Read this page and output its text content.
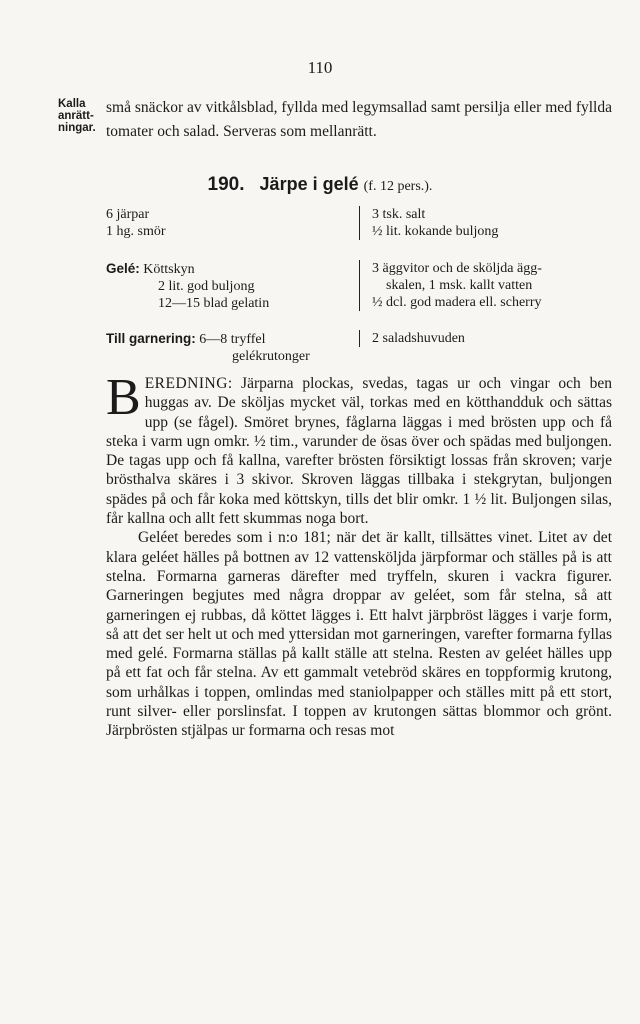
110
Kalla
anrätt-
ningar.
små snäckor av vitkålsblad, fyllda med legymsallad samt persilja eller med fyllda tomater och salad. Serveras som mellanrätt.
190. Järpe i gelé (f. 12 pers.).
6 järpar
1 hg. smör
3 tsk. salt
½ lit. kokande buljong
Gelé: Köttskyn
2 lit. god buljong
12—15 blad gelatin
3 äggvitor och de sköljda ägg-
skalen, 1 msk. kallt vatten
½ dcl. god madera ell. scherry
Till garnering: 6—8 tryffel
gelékrutonger
2 saladshuvuden

BEREDNING: Järparna plockas, svedas, tagas ur och vingar och ben huggas av. De sköljas mycket väl, torkas med en kötthandduk och sättas upp (se fågel). Smöret brynes, fåglarna läggas i med brösten upp och få steka i varm ugn omkr. ½ tim., varunder de ösas över och spädas med buljongen. De tagas upp och få kallna, varefter brösten försiktigt lossas från skroven; varje brösthalva skäres i 3 skivor. Skroven läggas tillbaka i stekgrytan, buljongen spädes på och får koka med köttskyn, tills det blir omkr. 1 ½ lit. Buljongen silas, får kallna och allt fett skummas noga bort.

Geléet beredes som i n:o 181; när det är kallt, tillsättes vinet. Litet av det klara geléet hälles på bottnen av 12 vattensköljda järpformar och ställes på is att stelna. Formarna garneras därefter med tryffeln, skuren i vackra figurer. Garneringen begjutes med några droppar av geléet, som får stelna, så att garneringen ej rubbas, då köttet lägges i. Ett halvt järpbröst lägges i varje form, så att det ser helt ut och med yttersidan mot garneringen, varefter formarna fyllas med gelé. Formarna ställas på kallt ställe att stelna. Resten av geléet hälles upp på ett fat och får stelna. Av ett gammalt vetebröd skäres en toppformig krutong, som urhålkas i toppen, omlindas med staniolpapper och ställes mitt på ett stort, runt silver- eller porslinsfat. I toppen av krutongen sättas blommor och grönt. Järpbrösten stjälpas ur formarna och resas mot
